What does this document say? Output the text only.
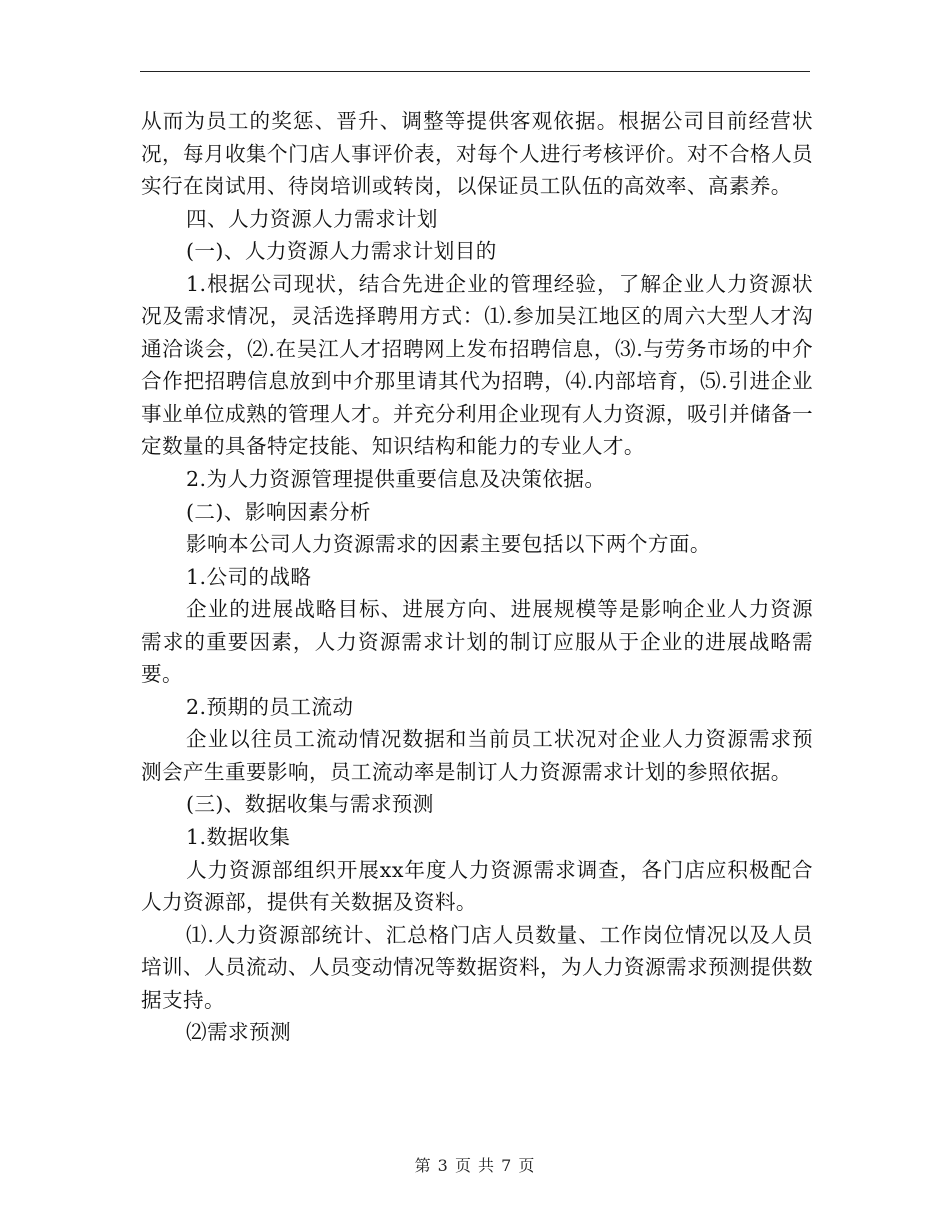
从而为员工的奖惩、晋升、调整等提供客观依据。根据公司目前经营状况，每月收集个门店人事评价表，对每个人进行考核评价。对不合格人员实行在岗试用、待岗培训或转岗，以保证员工队伍的高效率、高素养。

四、人力资源人力需求计划

(一)、人力资源人力需求计划目的

1.根据公司现状，结合先进企业的管理经验，了解企业人力资源状况及需求情况，灵活选择聘用方式：⑴.参加吴江地区的周六大型人才沟通洽谈会，⑵.在吴江人才招聘网上发布招聘信息，⑶.与劳务市场的中介合作把招聘信息放到中介那里请其代为招聘，⑷.内部培育，⑸.引进企业事业单位成熟的管理人才。并充分利用企业现有人力资源，吸引并储备一定数量的具备特定技能、知识结构和能力的专业人才。

2.为人力资源管理提供重要信息及决策依据。

(二)、影响因素分析

影响本公司人力资源需求的因素主要包括以下两个方面。

1.公司的战略

企业的进展战略目标、进展方向、进展规模等是影响企业人力资源需求的重要因素，人力资源需求计划的制订应服从于企业的进展战略需要。

2.预期的员工流动

企业以往员工流动情况数据和当前员工状况对企业人力资源需求预测会产生重要影响，员工流动率是制订人力资源需求计划的参照依据。

(三)、数据收集与需求预测

1.数据收集

人力资源部组织开展xx年度人力资源需求调查，各门店应积极配合人力资源部，提供有关数据及资料。

⑴.人力资源部统计、汇总格门店人员数量、工作岗位情况以及人员培训、人员流动、人员变动情况等数据资料，为人力资源需求预测提供数据支持。

⑵需求预测

第 3 页 共 7 页
